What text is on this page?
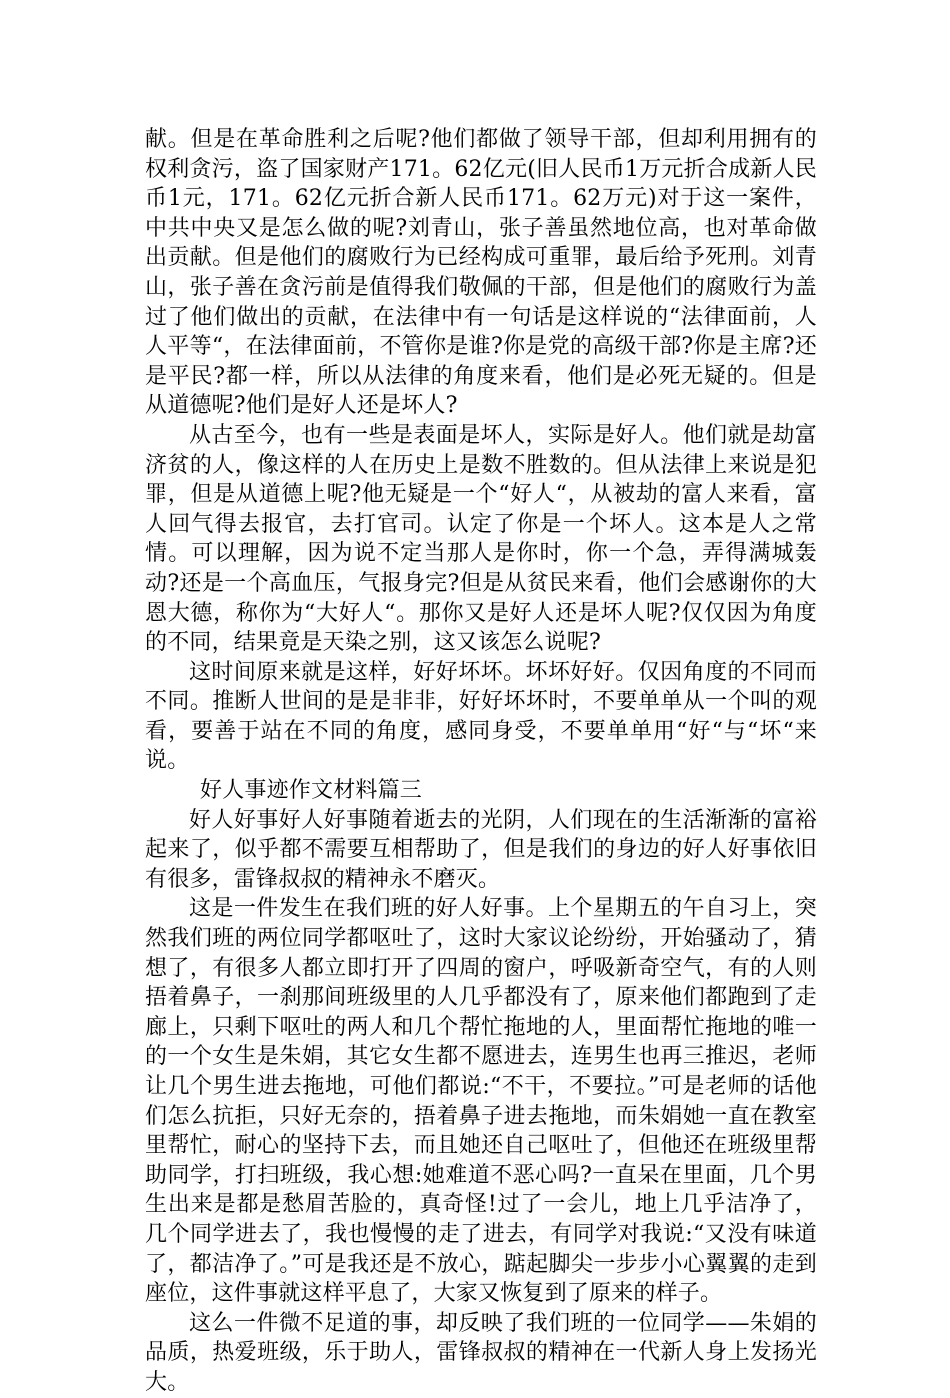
献。但是在革命胜利之后呢?他们都做了领导干部，但却利用拥有的权利贪污，盗了国家财产171。62亿元(旧人民币1万元折合成新人民币1元，171。62亿元折合新人民币171。62万元)对于这一案件，中共中央又是怎么做的呢?刘青山，张子善虽然地位高，也对革命做出贡献。但是他们的腐败行为已经构成可重罪，最后给予死刑。刘青山，张子善在贪污前是值得我们敬佩的干部，但是他们的腐败行为盖过了他们做出的贡献，在法律中有一句话是这样说的“法律面前，人人平等“，在法律面前，不管你是谁?你是党的高级干部?你是主席?还是平民?都一样，所以从法律的角度来看，他们是必死无疑的。但是从道德呢?他们是好人还是坏人?

从古至今，也有一些是表面是坏人，实际是好人。他们就是劫富济贫的人，像这样的人在历史上是数不胜数的。但从法律上来说是犯罪，但是从道德上呢?他无疑是一个“好人“，从被劫的富人来看，富人回气得去报官，去打官司。认定了你是一个坏人。这本是人之常情。可以理解，因为说不定当那人是你时，你一个急，弄得满城轰动?还是一个高血压，气报身完?但是从贫民来看，他们会感谢你的大恩大德，称你为“大好人“。那你又是好人还是坏人呢?仅仅因为角度的不同，结果竟是天染之别，这又该怎么说呢?

这时间原来就是这样，好好坏坏。坏坏好好。仅因角度的不同而不同。推断人世间的是是非非，好好坏坏时，不要单单从一个叫的观看，要善于站在不同的角度，感同身受，不要单单用“好“与“坏“来说。

好人事迹作文材料篇三

好人好事好人好事随着逝去的光阴，人们现在的生活渐渐的富裕起来了，似乎都不需要互相帮助了，但是我们的身边的好人好事依旧有很多，雷锋叔叔的精神永不磨灭。

这是一件发生在我们班的好人好事。上个星期五的午自习上，突然我们班的两位同学都呕吐了，这时大家议论纷纷，开始骚动了，猜想了，有很多人都立即打开了四周的窗户，呼吸新奇空气，有的人则捂着鼻子，一刹那间班级里的人几乎都没有了，原来他们都跑到了走廊上，只剩下呕吐的两人和几个帮忙拖地的人，里面帮忙拖地的唯一的一个女生是朱娟，其它女生都不愿进去，连男生也再三推迟，老师让几个男生进去拖地，可他们都说:“不干，不要拉。”可是老师的话他们怎么抗拒，只好无奈的，捂着鼻子进去拖地，而朱娟她一直在教室里帮忙，耐心的坚持下去，而且她还自己呕吐了，但他还在班级里帮助同学，打扫班级，我心想:她难道不恶心吗?一直呆在里面，几个男生出来是都是愁眉苦脸的，真奇怪!过了一会儿，地上几乎洁净了，几个同学进去了，我也慢慢的走了进去，有同学对我说:“又没有味道了，都洁净了。”可是我还是不放心，踮起脚尖一步步小心翼翼的走到座位，这件事就这样平息了，大家又恢复到了原来的样子。

这么一件微不足道的事，却反映了我们班的一位同学——朱娟的品质，热爱班级，乐于助人，雷锋叔叔的精神在一代新人身上发扬光大。
